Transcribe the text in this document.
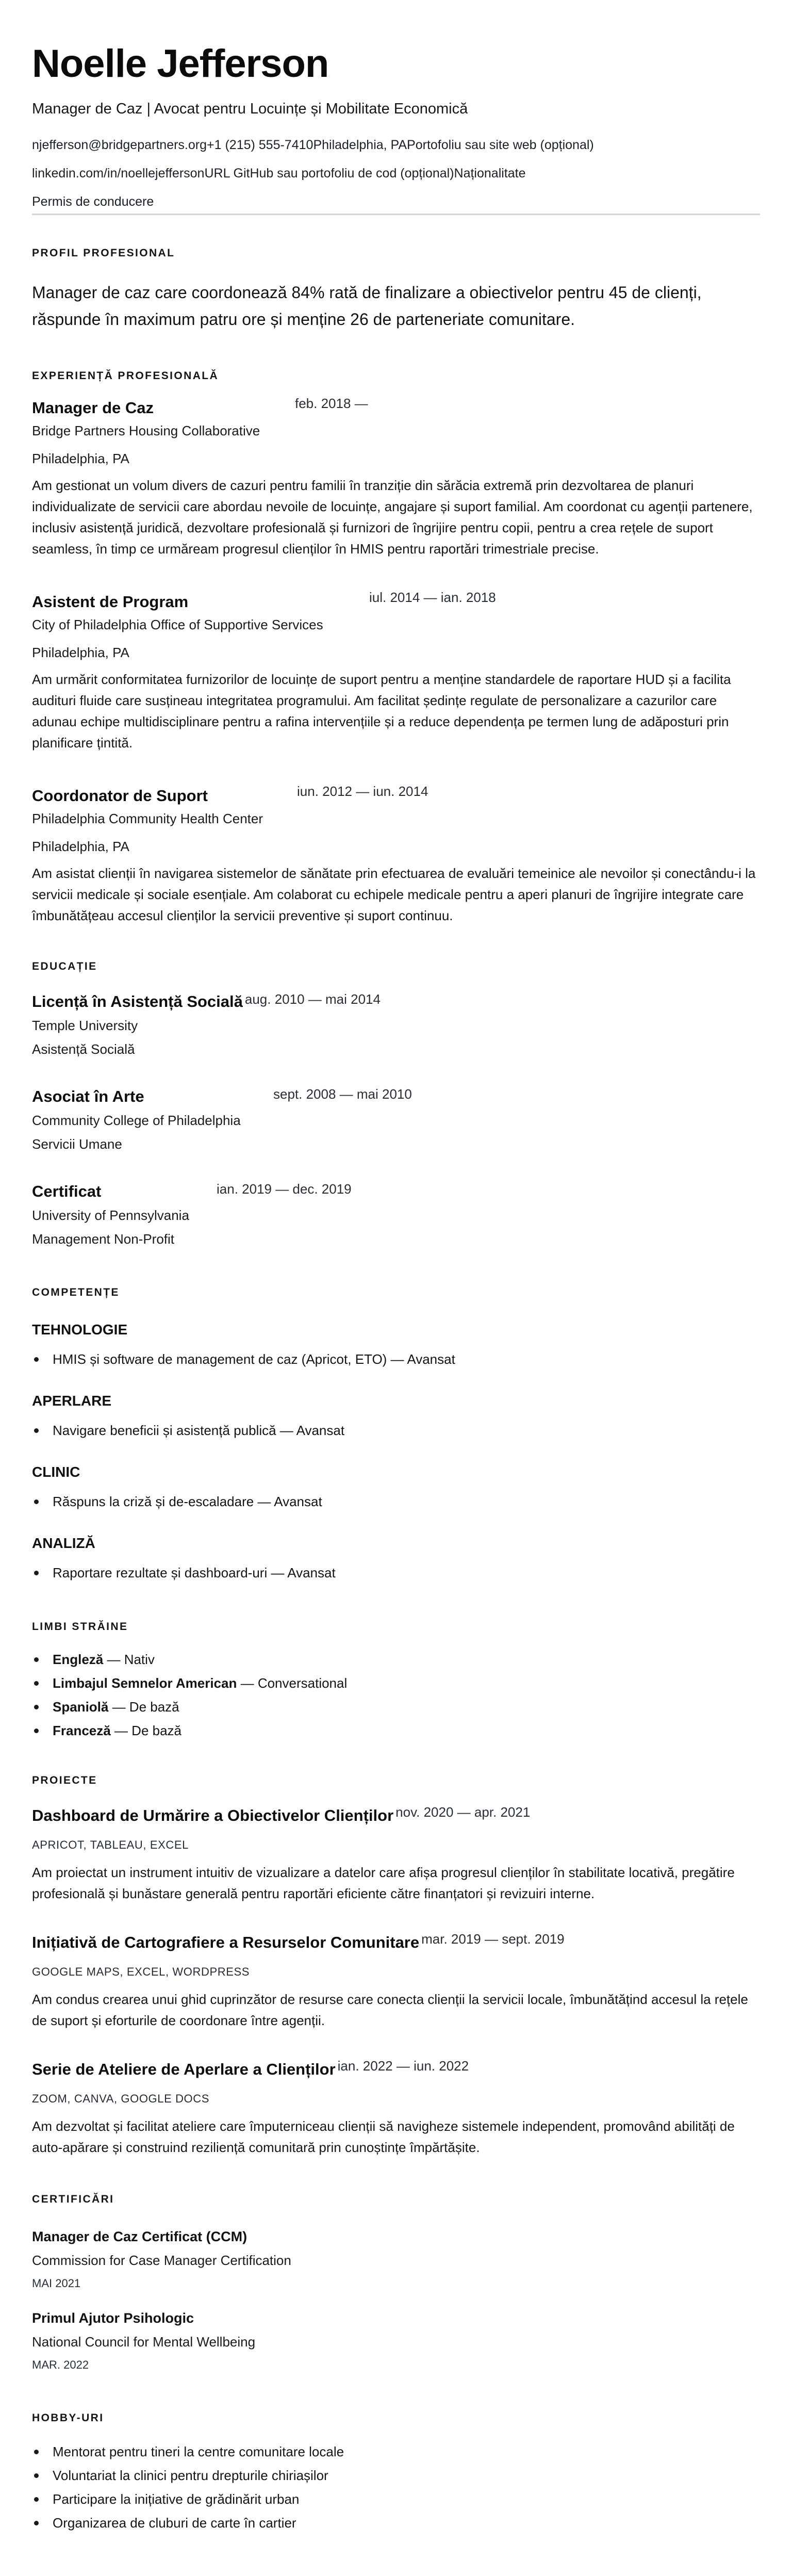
Noelle Jefferson
Manager de Caz | Avocat pentru Locuințe și Mobilitate Economică
njefferson@bridgepartners.org+1 (215) 555-7410Philadelphia, PAPortofoliu sau site web (opțional)
linkedin.com/in/noellejeffersonURL GitHub sau portofoliu de cod (opțional)Naționalitate
Permis de conducere
PROFIL PROFESIONAL

Manager de caz care coordonează 84% rată de finalizare a obiectivelor pentru 45 de clienți, răspunde în maximum patru ore și menține 26 de parteneriate comunitare.

EXPERIENȚĂ PROFESIONALĂ
Manager de Caz	feb. 2018 —
Bridge Partners Housing Collaborative
Philadelphia, PA
Am gestionat un volum divers de cazuri pentru familii în tranziție din sărăcia extremă prin dezvoltarea de planuri individualizate de servicii care abordau nevoile de locuințe, angajare și suport familial. Am coordonat cu agenții partenere, inclusiv asistență juridică, dezvoltare profesională și furnizori de îngrijire pentru copii, pentru a crea rețele de suport seamless, în timp ce urmăream progresul clienților în HMIS pentru raportări trimestriale precise.
Asistent de Program	iul. 2014 — ian. 2018
City of Philadelphia Office of Supportive Services
Philadelphia, PA
Am urmărit conformitatea furnizorilor de locuințe de suport pentru a menține standardele de raportare HUD și a facilita audituri fluide care susțineau integritatea programului. Am facilitat ședințe regulate de personalizare a cazurilor care adunau echipe multidisciplinare pentru a rafina intervențiile și a reduce dependența pe termen lung de adăposturi prin planificare țintită.
Coordonator de Suport	iun. 2012 — iun. 2014
Philadelphia Community Health Center
Philadelphia, PA
Am asistat clienții în navigarea sistemelor de sănătate prin efectuarea de evaluări temeinice ale nevoilor și conectându-i la servicii medicale și sociale esențiale. Am colaborat cu echipele medicale pentru a aperi planuri de îngrijire integrate care îmbunătățeau accesul clienților la servicii preventive și suport continuu.
EDUCAȚIE
Licență în Asistență Socială aug. 2010 — mai 2014
Temple University
Asistență Socială
Asociat în Arte	sept. 2008 — mai 2010
Community College of Philadelphia
Servicii Umane
Certificat	ian. 2019 — dec. 2019
University of Pennsylvania
Management Non-Profit
COMPETENȚE
TEHNOLOGIE
HMIS și software de management de caz (Apricot, ETO) — Avansat
APERLARE
Navigare beneficii și asistență publică — Avansat
CLINIC
Răspuns la criză și de-escaladare — Avansat
ANALIZĂ
Raportare rezultate și dashboard-uri — Avansat
LIMBI STRĂINE
Engleză — Nativ
Limbajul Semnelor American — Conversational
Spaniolă — De bază
Franceză — De bază
PROIECTE
Dashboard de Urmărire a Obiectivelor Clienților nov. 2020 — apr. 2021
APRICOT, TABLEAU, EXCEL
Am proiectat un instrument intuitiv de vizualizare a datelor care afișa progresul clienților în stabilitate locativă, pregătire profesională și bunăstare generală pentru raportări eficiente către finanțatori și revizuiri interne.
Inițiativă de Cartografiere a Resurselor Comunitare mar. 2019 — sept. 2019
GOOGLE MAPS, EXCEL, WORDPRESS
Am condus crearea unui ghid cuprinzător de resurse care conecta clienții la servicii locale, îmbunătățind accesul la rețele de suport și eforturile de coordonare între agenții.
Serie de Ateliere de Aperlare a Clienților ian. 2022 — iun. 2022
ZOOM, CANVA, GOOGLE DOCS
Am dezvoltat și facilitat ateliere care împuterniceau clienții să navigheze sistemele independent, promovând abilități de auto-apărare și construind reziliență comunitară prin cunoștințe împărtășite.
CERTIFICĂRI
Manager de Caz Certificat (CCM)
Commission for Case Manager Certification
MAI 2021
Primul Ajutor Psihologic
National Council for Mental Wellbeing
MAR. 2022
HOBBY-URI
Mentorat pentru tineri la centre comunitare locale
Voluntariat la clinici pentru drepturile chiriașilor
Participare la inițiative de grădinărit urban
Organizarea de cluburi de carte în cartier
